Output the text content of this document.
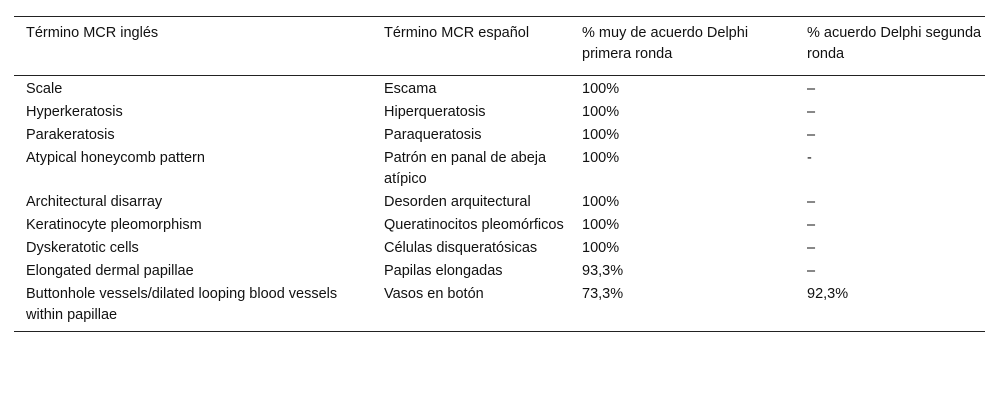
Término MCR inglés	Término MCR español	% muy de acuerdo Delphi primera ronda	% acuerdo Delphi segunda ronda
Scale	Escama	100%	–
Hyperkeratosis	Hiperqueratosis	100%	–
Parakeratosis	Paraqueratosis	100%	–
Atypical honeycomb pattern	Patrón en panal de abeja atípico	100%	-
Architectural disarray	Desorden arquitectural	100%	–
Keratinocyte pleomorphism	Queratinocitos pleomórficos	100%	–
Dyskeratotic cells	Células disqueratósicas	100%	–
Elongated dermal papillae	Papilas elongadas	93,3%	–
Buttonhole vessels/dilated looping blood vessels within papillae	Vasos en botón	73,3%	92,3%
